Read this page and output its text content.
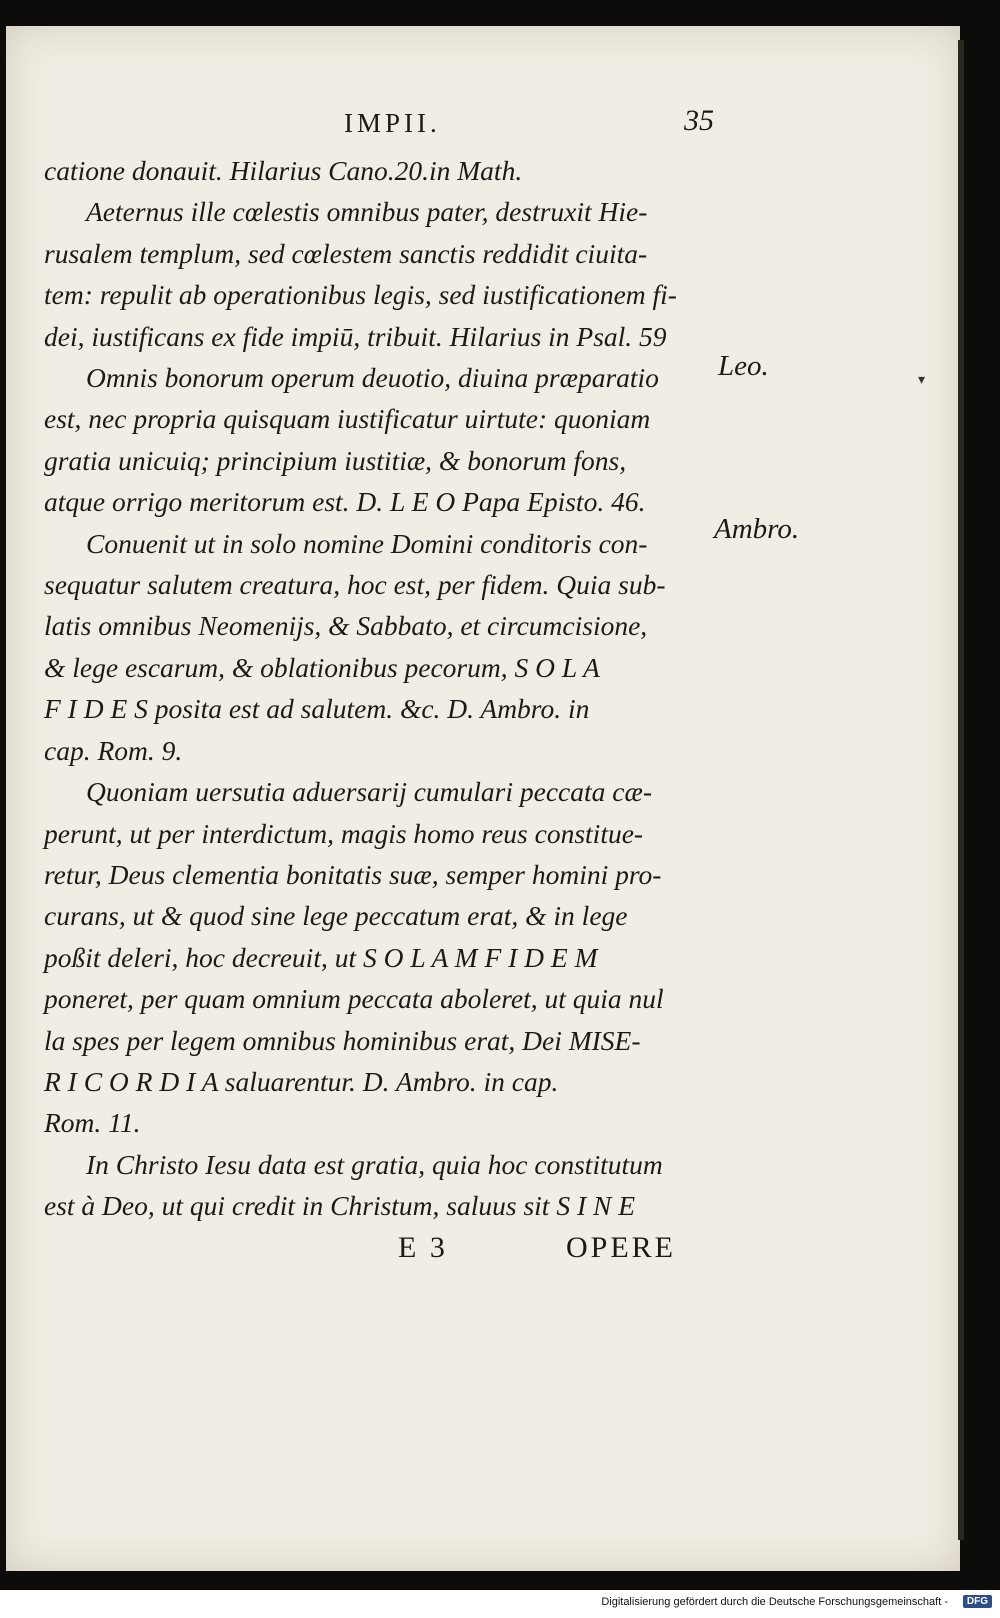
IMPII.	35
catione donauit. Hilarius Cano.20.in Math.
Aeternus ille cœlestis omnibus pater, destruxit Hie-
rusalem templum, sed cœlestem sanctis reddidit ciuita-
tem: repulit ab operationibus legis, sed iustificationem fi-
dei, iustificans ex fide impiū, tribuit. Hilarius in Psal. 59
Omnis bonorum operum deuotio, diuina præparatio
est, nec propria quisquam iustificatur uirtute: quoniam
gratia unicuiq; principium iustitiæ, & bonorum fons,
atque orrigo meritorum est. D. L E O Papa Episto. 46.
Conuenit ut in solo nomine Domini conditoris con-
sequatur salutem creatura, hoc est, per fidem. Quia sub-
latis omnibus Neomenijs, & Sabbato, et circumcisione,
& lege escarum, & oblationibus pecorum, S O L A
F I D E S posita est ad salutem. &c. D. Ambro. in
cap. Rom. 9.
Quoniam uersutia aduersarij cumulari peccata cæ-
perunt, ut per interdictum, magis homo reus constitue-
retur, Deus clementia bonitatis suæ, semper homini pro-
curans, ut & quod sine lege peccatum erat, & in lege
poßit deleri, hoc decreuit, ut S O L A M F I D E M
poneret, per quam omnium peccata aboleret, ut quia nul
la spes per legem omnibus hominibus erat, Dei MISE-
R I C O R D I A saluarentur. D. Ambro. in cap.
Rom. 11.
In Christo Iesu data est gratia, quia hoc constitutum
est à Deo, ut qui credit in Christum, saluus sit S I N E
Leo.
Ambro.
▾
E 3	OPERE
Digitalisierung gefördert durch die Deutsche Forschungsgemeinschaft -	DFG
